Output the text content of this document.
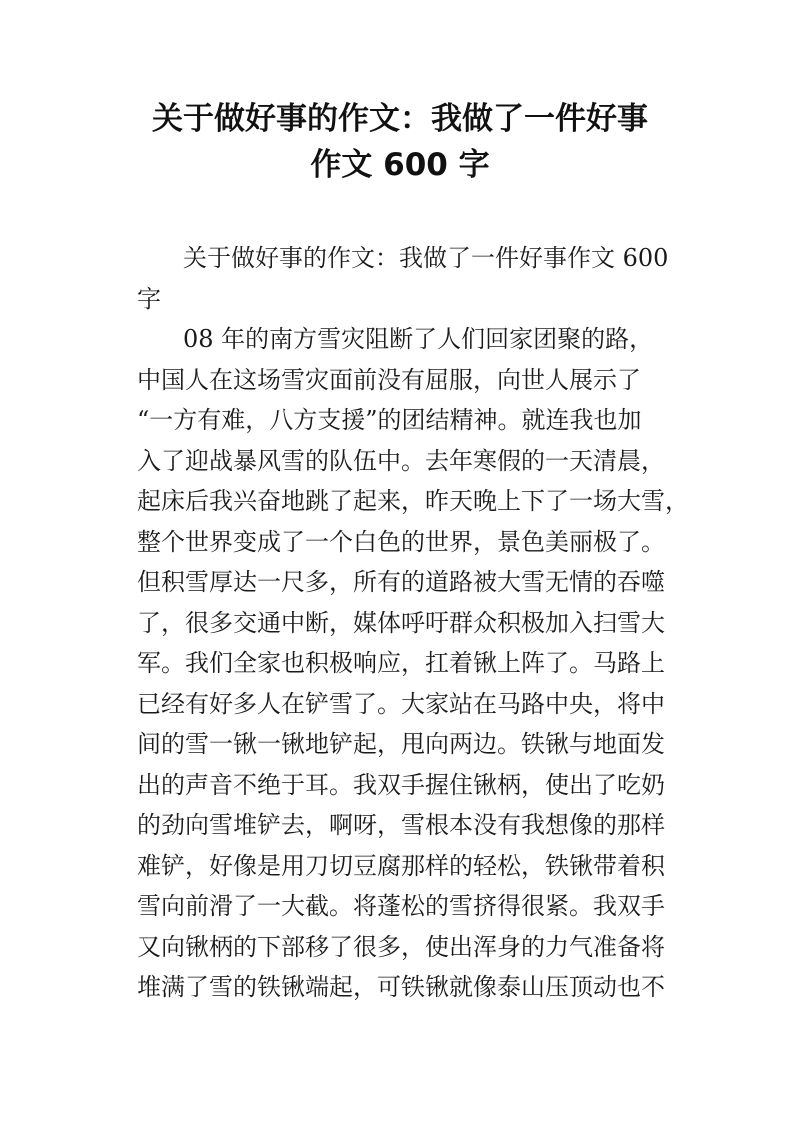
关于做好事的作文：我做了一件好事
作文 600 字
关于做好事的作文：我做了一件好事作文 600
字
08 年的南方雪灾阻断了人们回家团聚的路，
中国人在这场雪灾面前没有屈服，向世人展示了
“一方有难，八方支援”的团结精神。就连我也加
入了迎战暴风雪的队伍中。去年寒假的一天清晨，
起床后我兴奋地跳了起来，昨天晚上下了一场大雪，
整个世界变成了一个白色的世界，景色美丽极了。
但积雪厚达一尺多，所有的道路被大雪无情的吞噬
了，很多交通中断，媒体呼吁群众积极加入扫雪大
军。我们全家也积极响应，扛着锹上阵了。马路上
已经有好多人在铲雪了。大家站在马路中央，将中
间的雪一锹一锹地铲起，甩向两边。铁锹与地面发
出的声音不绝于耳。我双手握住锹柄，使出了吃奶
的劲向雪堆铲去，啊呀，雪根本没有我想像的那样
难铲，好像是用刀切豆腐那样的轻松，铁锹带着积
雪向前滑了一大截。将蓬松的雪挤得很紧。我双手
又向锹柄的下部移了很多，使出浑身的力气准备将
堆满了雪的铁锹端起，可铁锹就像泰山压顶动也不
